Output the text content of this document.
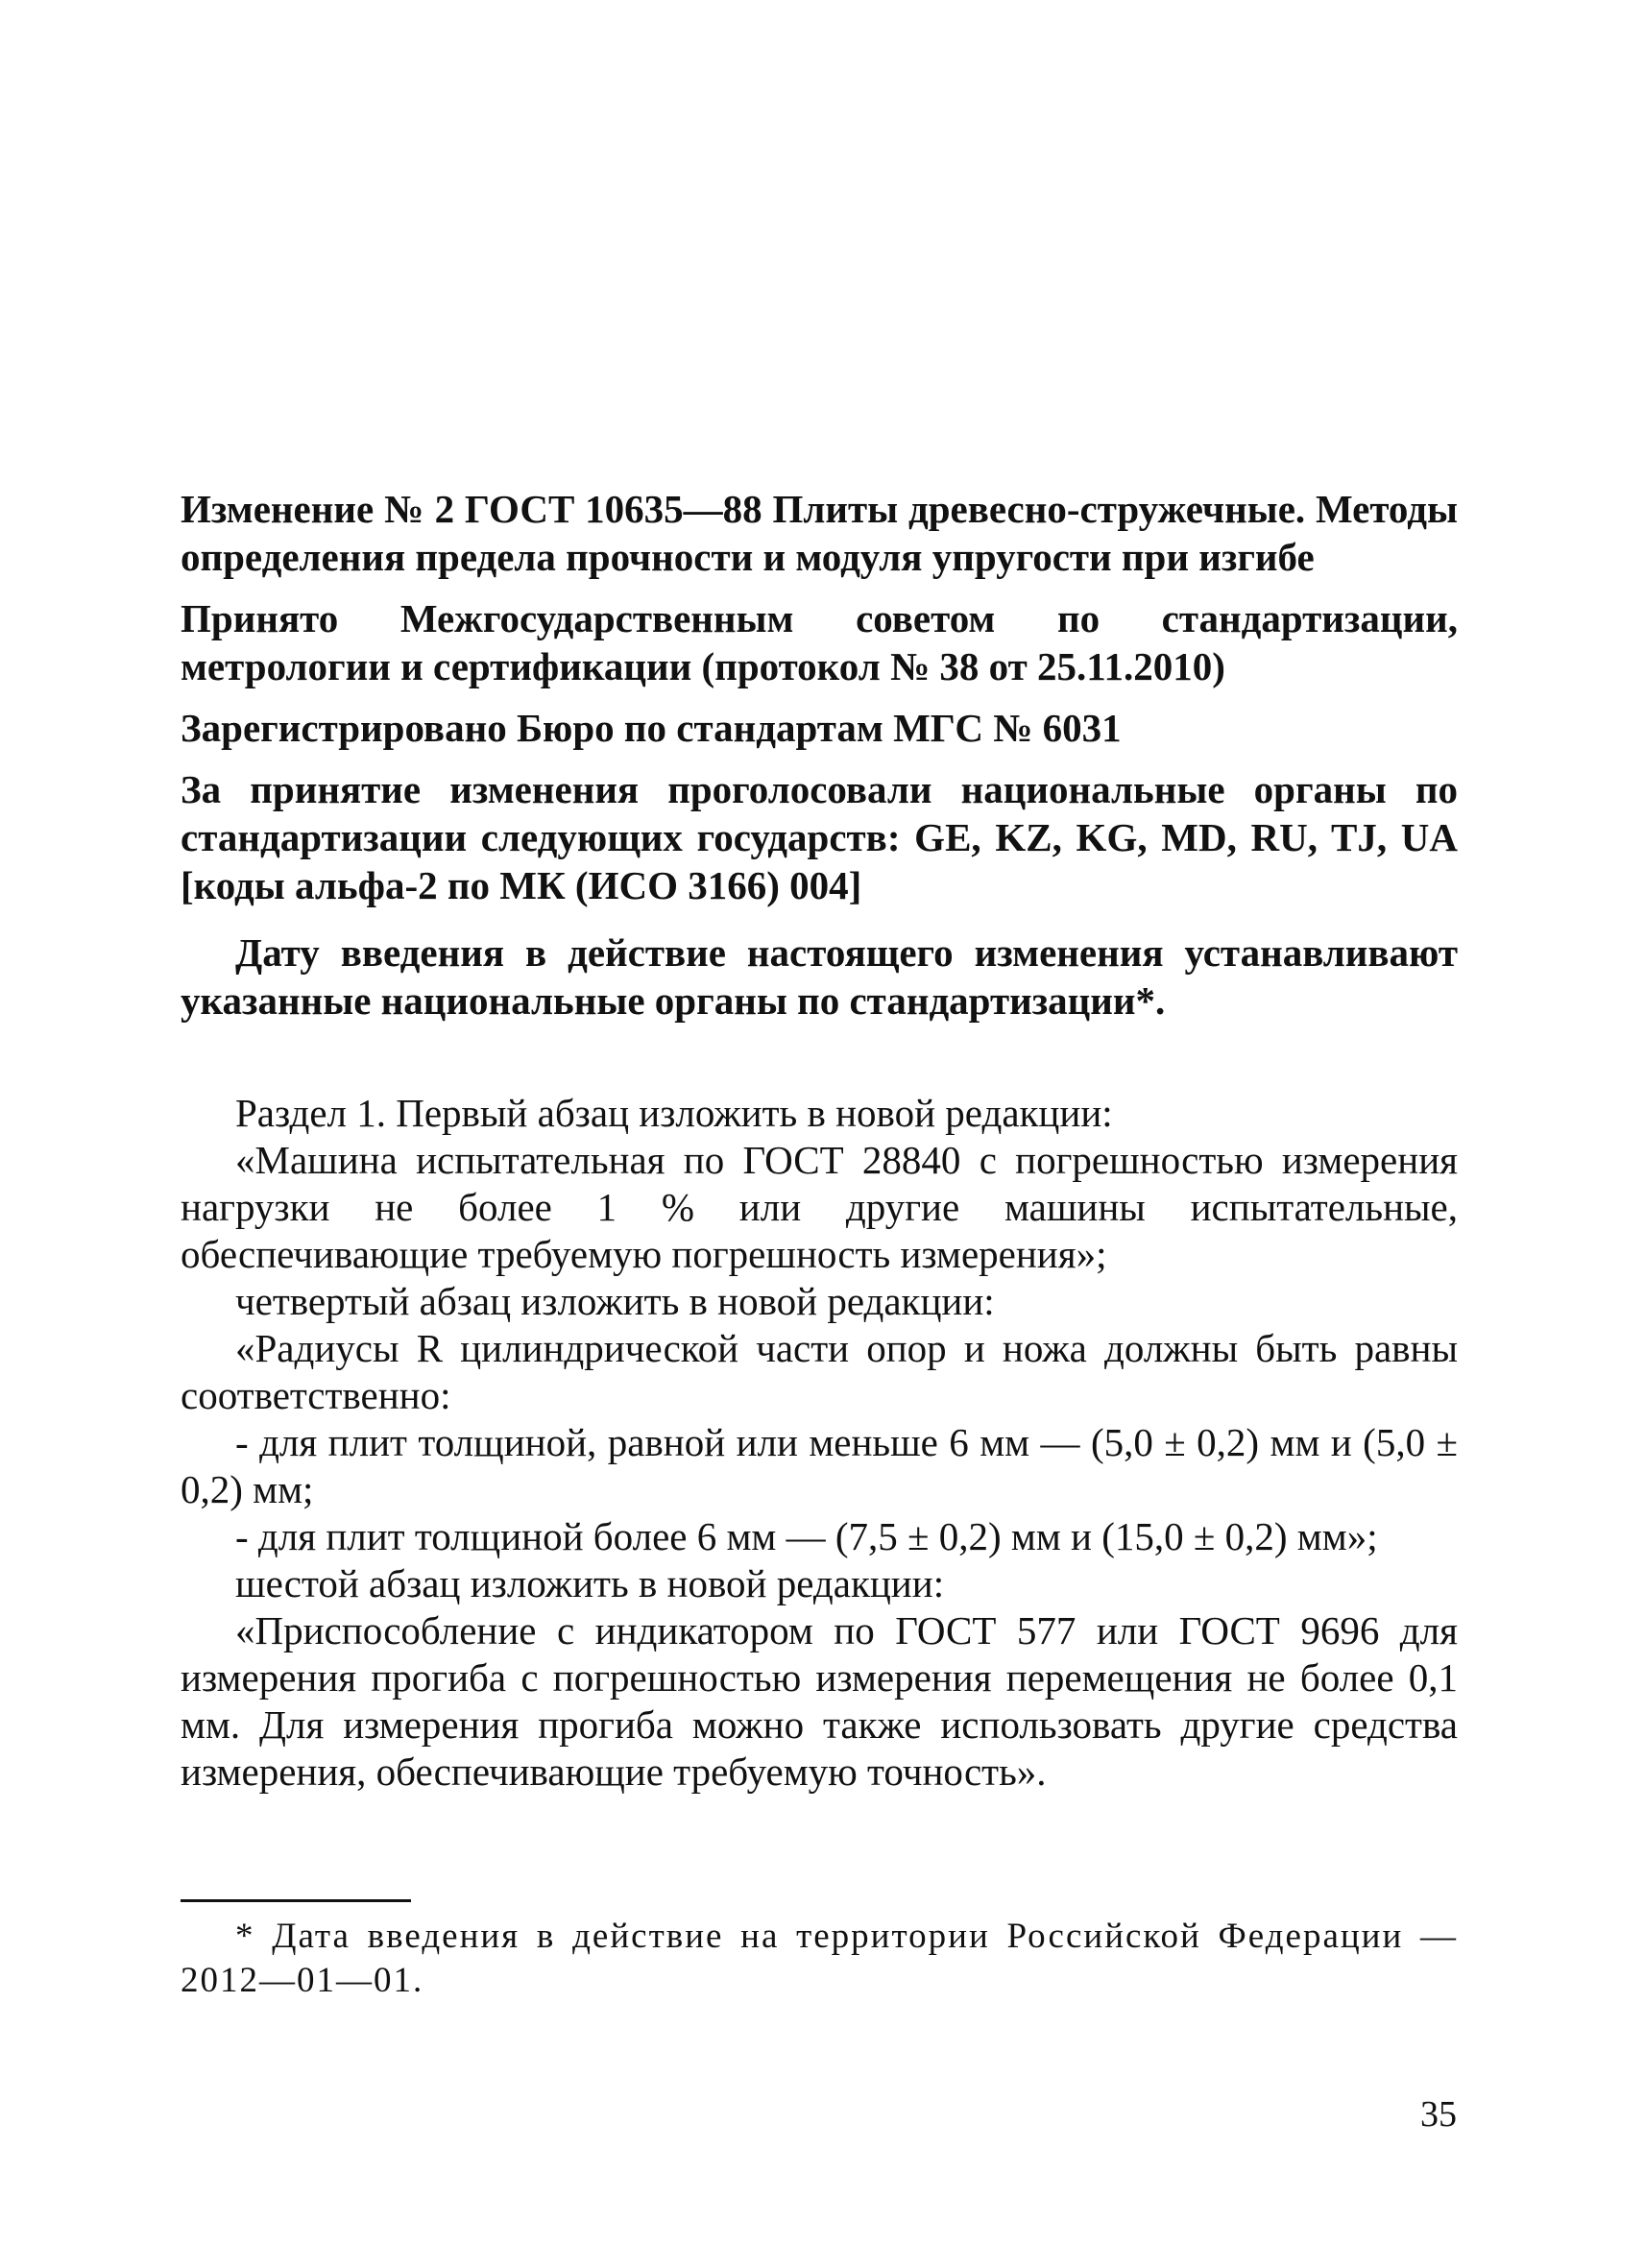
Изменение № 2 ГОСТ 10635—88 Плиты древесно-стружечные. Методы определения предела прочности и модуля упругости при изгибе

Принято Межгосударственным советом по стандартизации, метрологии и сертификации (протокол № 38 от 25.11.2010)

Зарегистрировано Бюро по стандартам МГС № 6031

За принятие изменения проголосовали национальные органы по стандартизации следующих государств: GE, KZ, KG, MD, RU, TJ, UA [коды альфа-2 по МК (ИСО 3166) 004]

Дату введения в действие настоящего изменения устанавливают указанные национальные органы по стандартизации*.

Раздел 1. Первый абзац изложить в новой редакции:

«Машина испытательная по ГОСТ 28840 с погрешностью измерения нагрузки не более 1 % или другие машины испытательные, обеспечивающие требуемую погрешность измерения»;

четвертый абзац изложить в новой редакции:

«Радиусы R цилиндрической части опор и ножа должны быть равны соответственно:

- для плит толщиной, равной или меньше 6 мм — (5,0 ± 0,2) мм и (5,0 ± 0,2) мм;

- для плит толщиной более 6 мм — (7,5 ± 0,2) мм и (15,0 ± 0,2) мм»;

шестой абзац изложить в новой редакции:

«Приспособление с индикатором по ГОСТ 577 или ГОСТ 9696 для измерения прогиба с погрешностью измерения перемещения не более 0,1 мм. Для измерения прогиба можно также использовать другие средства измерения, обеспечивающие требуемую точность».

* Дата введения в действие на территории Российской Федерации — 2012—01—01.

35
